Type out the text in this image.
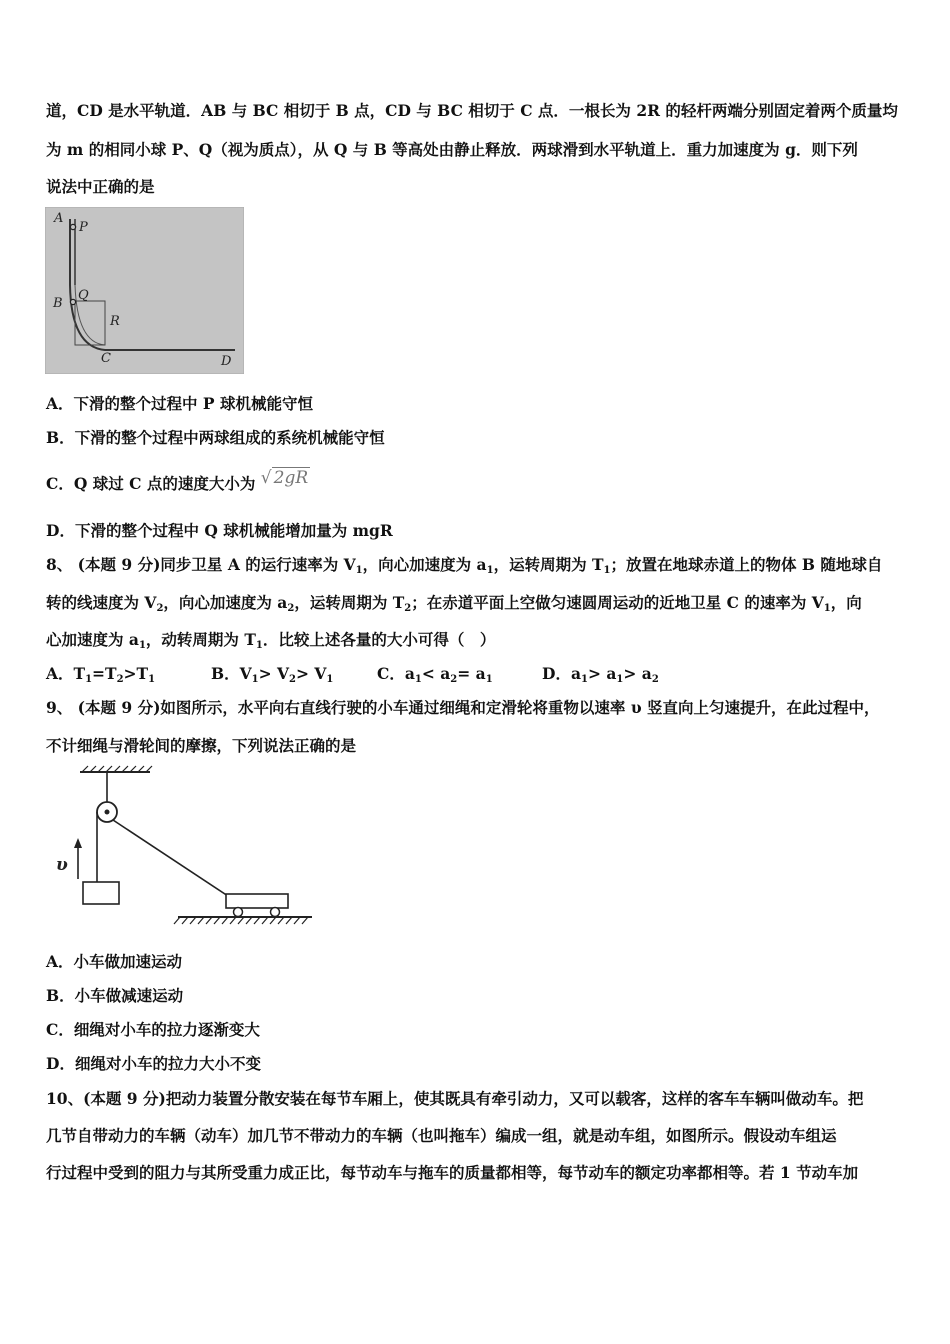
道，CD 是水平轨道．AB 与 BC 相切于 B 点，CD 与 BC 相切于 C 点．一根长为 2R 的轻杆两端分别固定着两个质量均
为 m 的相同小球 P、Q（视为质点），从 Q 与 B 等高处由静止释放．两球滑到水平轨道上．重力加速度为 g．则下列
说法中正确的是
A
P
B
Q
R
C	D
A．下滑的整个过程中 P 球机械能守恒
B．下滑的整个过程中两球组成的系统机械能守恒
C．Q 球过 C 点的速度大小为 √ 2gR
D．下滑的整个过程中 Q 球机械能增加量为 mgR
8、 (本题 9 分)同步卫星 A 的运行速率为 $V_1$，向心加速度为 $a_1$，运转周期为 $T_1$；放置在地球赤道上的物体 B 随地球自
转的线速度为 $V_2$，向心加速度为 $a_2$，运转周期为 $T_2$；在赤道平面上空做匀速圆周运动的近地卫星 C 的速率为 $V_1$，向
心加速度为 $a_1$，动转周期为 $T_1$．比较上述各量的大小可得（　）
A．$T_1=T_2>T_1$	B．$V_1> V_2> V_1$	C．$a_1< a_2= a_1$	D．$a_1> a_1> a_2$
9、 (本题 9 分)如图所示，水平向右直线行驶的小车通过细绳和定滑轮将重物以速率 υ 竖直向上匀速提升，在此过程中，
不计细绳与滑轮间的摩擦，下列说法正确的是
υ
A．小车做加速运动
B．小车做减速运动
C．细绳对小车的拉力逐渐变大
D．细绳对小车的拉力大小不变
10、(本题 9 分)把动力装置分散安装在每节车厢上，使其既具有牵引动力，又可以载客，这样的客车车辆叫做动车。把
几节自带动力的车辆（动车）加几节不带动力的车辆（也叫拖车）编成一组，就是动车组，如图所示。假设动车组运
行过程中受到的阻力与其所受重力成正比，每节动车与拖车的质量都相等，每节动车的额定功率都相等。若 1 节动车加
